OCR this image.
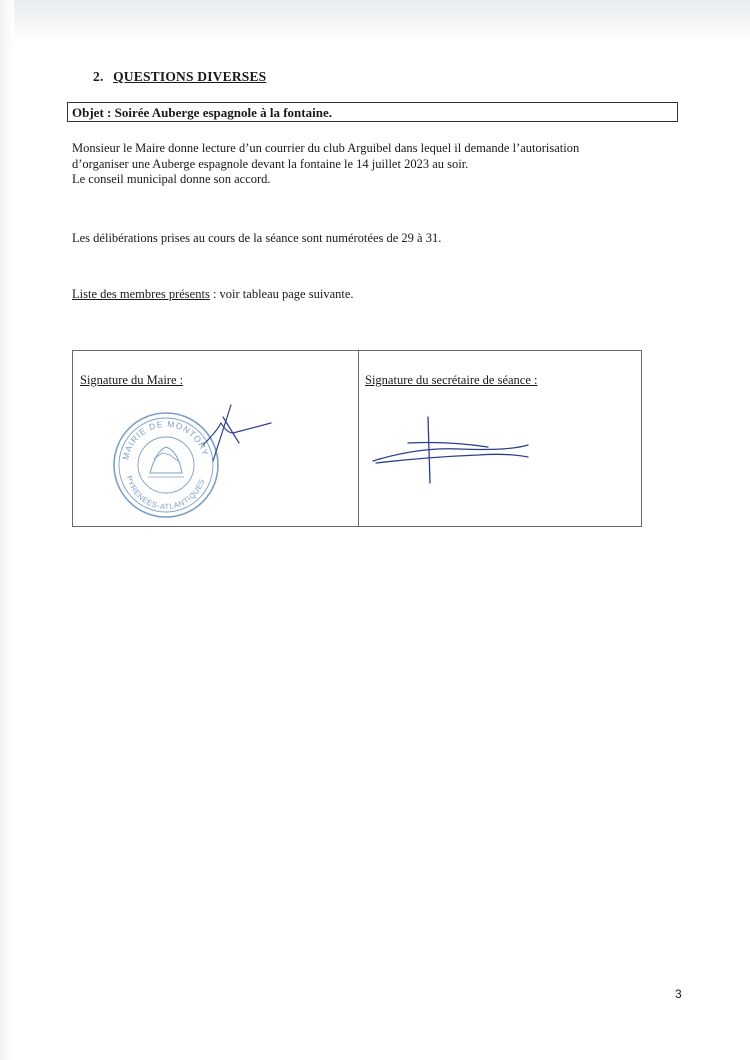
2. QUESTIONS DIVERSES
Objet : Soirée Auberge espagnole à la fontaine.
Monsieur le Maire donne lecture d’un courrier du club Arguibel dans lequel il demande l’autorisation
d’organiser une Auberge espagnole devant la fontaine le 14 juillet 2023 au soir.
Le conseil municipal donne son accord.
Les délibérations prises au cours de la séance sont numérotées de 29 à 31.
Liste des membres présents : voir tableau page suivante.
Signature du Maire :	Signature du secrétaire de séance :
MAIRIE DE MONTORY
PYRENEES-ATLANTIQUES
3
